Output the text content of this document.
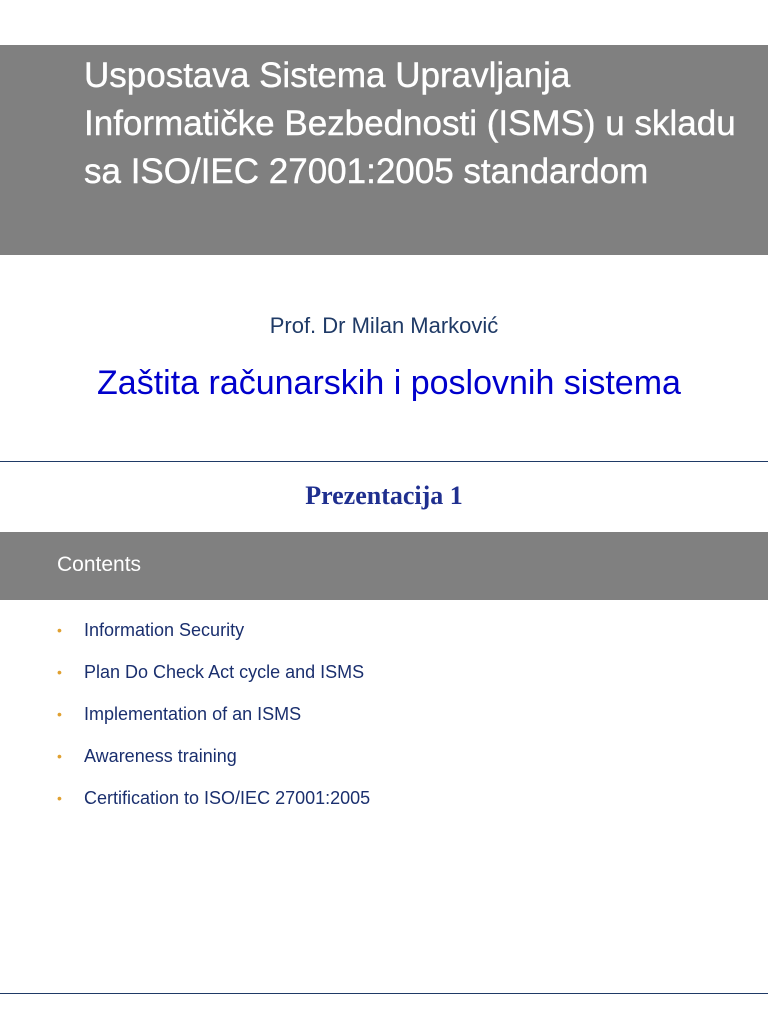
Uspostava Sistema Upravljanja Informatičke Bezbednosti (ISMS) u skladu sa ISO/IEC 27001:2005 standardom
Prof. Dr Milan Marković
Zaštita računarskih i poslovnih sistema
Prezentacija 1
Contents
• Information Security
• Plan Do Check Act cycle and ISMS
• Implementation of an ISMS
• Awareness training
• Certification to ISO/IEC 27001:2005
